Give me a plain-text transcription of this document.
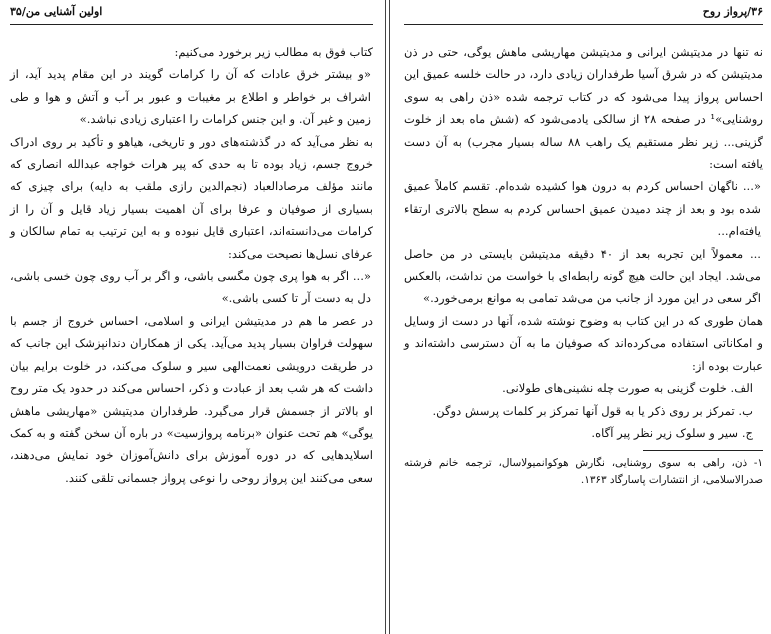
اولین آشنایی من/۳۵

کتاب فوق به مطالب زیر برخورد می‌کنیم:

«و بیشتر خرق عادات که آن را کرامات گویند در این مقام پدید آید، از اشراف بر خواطر و اطلاع بر مغیبات و عبور بر آب و آتش و هوا و طی زمین و غیر آن. و این جنس کرامات را اعتباری زیادی نباشد.»

به نظر می‌آید که در گذشته‌های دور و تاریخی، هیاهو و تأکید بر روی ادراک خروج جسم، زیاد بوده تا به حدی که پیر هرات خواجه عبدالله انصاری که مانند مؤلف مرصادالعباد (نجم‌الدین رازی ملقب به دایه) برای چیزی که بسیاری از صوفیان و عرفا برای آن اهمیت بسیار زیاد قایل و آن را از کرامات می‌دانسته‌اند، اعتباری قایل نبوده و به این ترتیب به تمام سالکان و عرفای نسل‌ها نصیحت می‌کند:

«... اگر به هوا پری چون مگسی باشی، و اگر بر آب روی چون خسی باشی، دل به دست آر تا کسی باشی.»

در عصر ما هم در مدیتیشن ایرانی و اسلامی، احساس خروج از جسم با سهولت فراوان بسیار پدید می‌آید. یکی از همکاران دندانپزشک این جانب که در طریقت درویشی نعمت‌الهی سیر و سلوک می‌کند، در خلوت برایم بیان داشت که هر شب بعد از عبادت و ذکر، احساس می‌کند در حدود یک متر روح او بالاتر از جسمش قرار می‌گیرد. طرفداران مدیتیشن «مهاریشی ماهش یوگی» هم تحت عنوان «برنامه پروازسیت» در باره آن سخن گفته و به کمک اسلایدهایی که در دوره آموزش برای دانش‌آموزان خود نمایش می‌دهند، سعی می‌کنند این پرواز روحی را نوعی پرواز جسمانی تلقی کنند.

۳۶/پرواز روح

نه تنها در مدیتیشن ایرانی و مدیتیشن مهاریشی ماهش یوگی، حتی در ذن مدیتیشن که در شرق آسیا طرفداران زیادی دارد، در حالت خلسه عمیق این احساس پرواز پیدا می‌شود که در کتاب ترجمه شده «ذن راهی به سوی روشنایی»¹ در صفحه ۲۸ از سالکی یادمی‌شود که (شش ماه بعد از خلوت گزینی... زیر نظر مستقیم یک راهب ۸۸ ساله بسیار مجرب) به آن دست یافته است:

«... ناگهان احساس کردم به درون هوا کشیده شده‌ام. تقسم کاملاً عمیق شده بود و بعد از چند دمیدن عمیق احساس کردم به سطح بالاتری ارتقاء یافته‌ام...

... معمولاً این تجربه بعد از ۴۰ دقیقه مدیتیشن بایستی در من حاصل می‌شد. ایجاد این حالت هیچ گونه رابطه‌ای با خواست من نداشت، بالعکس اگر سعی در این مورد از جانب من می‌شد تمامی به موانع برمی‌خورد.»

همان طوری که در این کتاب به وضوح نوشته شده، آنها در دست از وسایل و امکاناتی استفاده می‌کرده‌اند که صوفیان ما به آن دسترسی داشته‌اند و عبارت بوده از:

الف. خلوت گزینی به صورت چله نشینی‌های طولانی.
ب. تمرکز بر روی ذکر یا به قول آنها تمرکز بر کلمات پرسش دوگن.
ج. سیر و سلوک زیر نظر پیر آگاه.
۱- ذن، راهی به سوی روشنایی، نگارش هوکوانمیولاسال، ترجمه خانم فرشته صدرالاسلامی، از انتشارات پاسارگاد ۱۳۶۳.
